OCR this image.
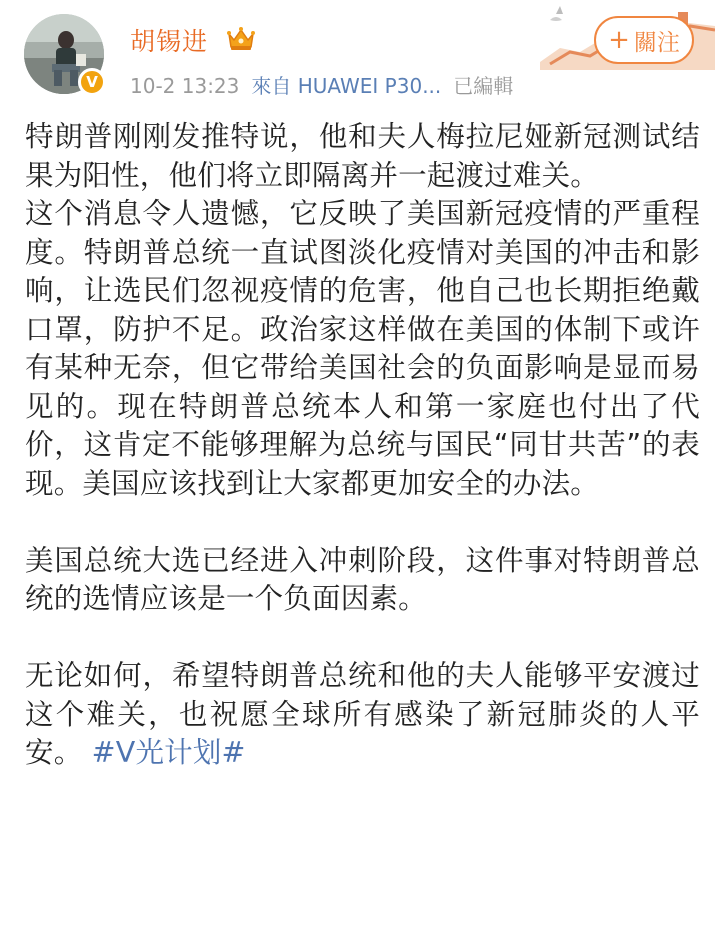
V
胡锡进
10-2 13:23 來自 HUAWEI P30... 已編輯
+ 關注

特朗普刚刚发推特说，他和夫人梅拉尼娅新冠测试结果为阳性，他们将立即隔离并一起渡过难关。

这个消息令人遗憾，它反映了美国新冠疫情的严重程度。特朗普总统一直试图淡化疫情对美国的冲击和影响，让选民们忽视疫情的危害，他自己也长期拒绝戴口罩，防护不足。政治家这样做在美国的体制下或许有某种无奈，但它带给美国社会的负面影响是显而易见的。现在特朗普总统本人和第一家庭也付出了代价，这肯定不能够理解为总统与国民“同甘共苦”的表现。美国应该找到让大家都更加安全的办法。

美国总统大选已经进入冲刺阶段，这件事对特朗普总统的选情应该是一个负面因素。

无论如何，希望特朗普总统和他的夫人能够平安渡过这个难关，也祝愿全球所有感染了新冠肺炎的人平安。 #V光计划#
